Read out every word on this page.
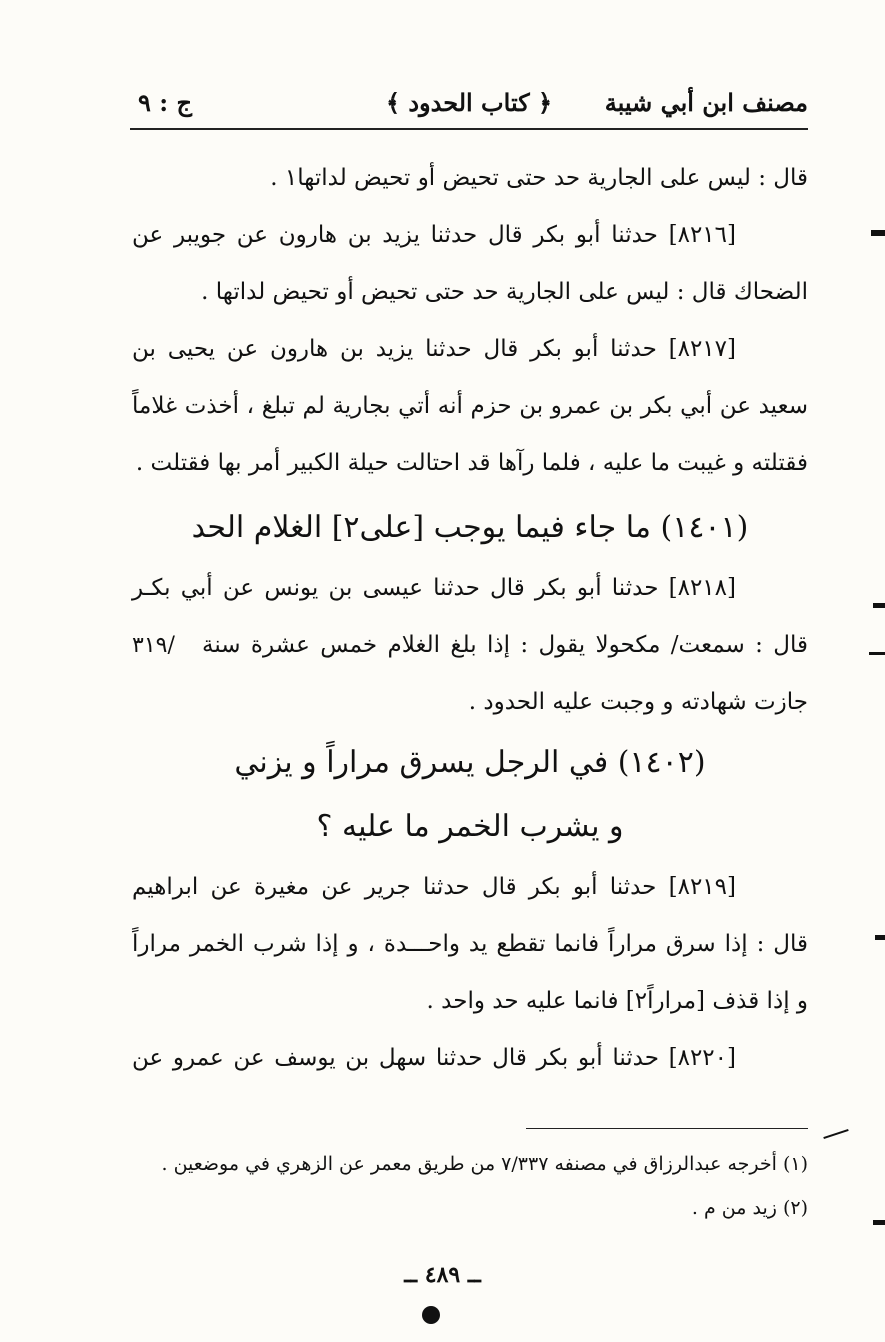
مصنف ابن أبي شيبة
﴿ كتاب الحدود ﴾
ج : ٩
قال : ليس على الجارية حد حتى تحيض أو تحيض لداتها١ .
[٨٢١٦] حدثنا أبو بكر قال حدثنا يزيد بن هارون عن جويبر عن
الضحاك قال : ليس على الجارية حد حتى تحيض أو تحيض لداتها .
[٨٢١٧] حدثنا أبو بكر قال حدثنا يزيد بن هارون عن يحيى بن
سعيد عن أبي بكر بن عمرو بن حزم أنه أتي بجارية لم تبلغ ، أخذت غلاماً
فقتلته و غيبت ما عليه ، فلما رآها قد احتالت حيلة الكبير أمر بها فقتلت .
(١٤٠١) ما جاء فيما يوجب [على٢] الغلام الحد
[٨٢١٨] حدثنا أبو بكر قال حدثنا عيسى بن يونس عن أبي بكـر
/٣١٩ قال : سمعت/ مكحولا يقول : إذا بلغ الغلام خمس عشرة سنة
جازت شهادته و وجبت عليه الحدود .
(١٤٠٢) في الرجل يسرق مراراً و يزني
و يشرب الخمر ما عليه ؟
[٨٢١٩] حدثنا أبو بكر قال حدثنا جرير عن مغيرة عن ابراهيم
قال : إذا سرق مراراً فانما تقطع يد واحـــدة ، و إذا شرب الخمر مراراً
و إذا قذف [مراراً٢] فانما عليه حد واحد .
[٨٢٢٠] حدثنا أبو بكر قال حدثنا سهل بن يوسف عن عمرو عن
(١) أخرجه عبدالرزاق في مصنفه ٧/٣٣٧ من طريق معمر عن الزهري في موضعين .
(٢) زيد من م .
ــ ٤٨٩ ــ
